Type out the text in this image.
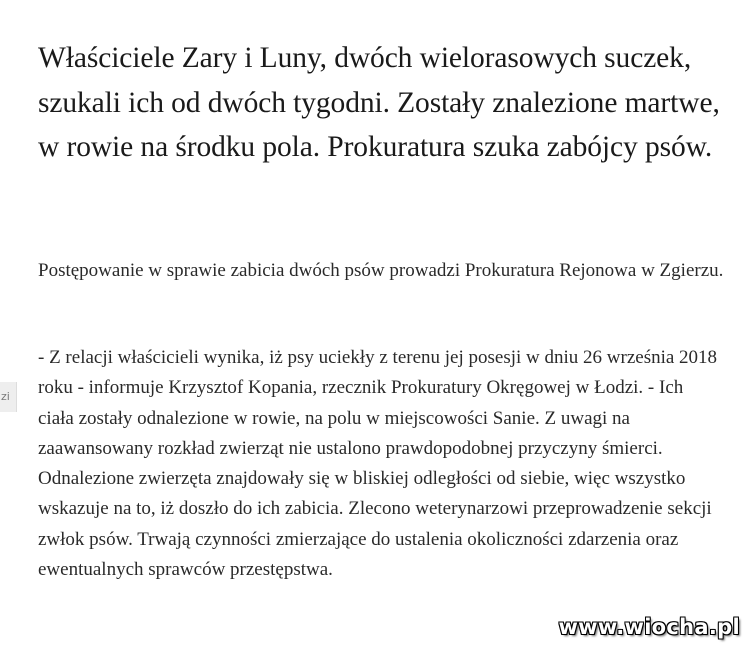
zi
Właściciele Zary i Luny, dwóch wielorasowych suczek, szukali ich od dwóch tygodni. Zostały znalezione martwe, w rowie na środku pola. Prokuratura szuka zabójcy psów.

Postępowanie w sprawie zabicia dwóch psów prowadzi Prokuratura Rejonowa w Zgierzu.

- Z relacji właścicieli wynika, iż psy uciekły z terenu jej posesji w dniu 26 września 2018 roku - informuje Krzysztof Kopania, rzecznik Prokuratury Okręgowej w Łodzi. - Ich ciała zostały odnalezione w rowie, na polu w miejscowości Sanie. Z uwagi na zaawansowany rozkład zwierząt nie ustalono prawdopodobnej przyczyny śmierci. Odnalezione zwierzęta znajdowały się w bliskiej odległości od siebie, więc wszystko wskazuje na to, iż doszło do ich zabicia. Zlecono weterynarzowi przeprowadzenie sekcji zwłok psów. Trwają czynności zmierzające do ustalenia okoliczności zdarzenia oraz ewentualnych sprawców przestępstwa.

www.wiocha.pl
